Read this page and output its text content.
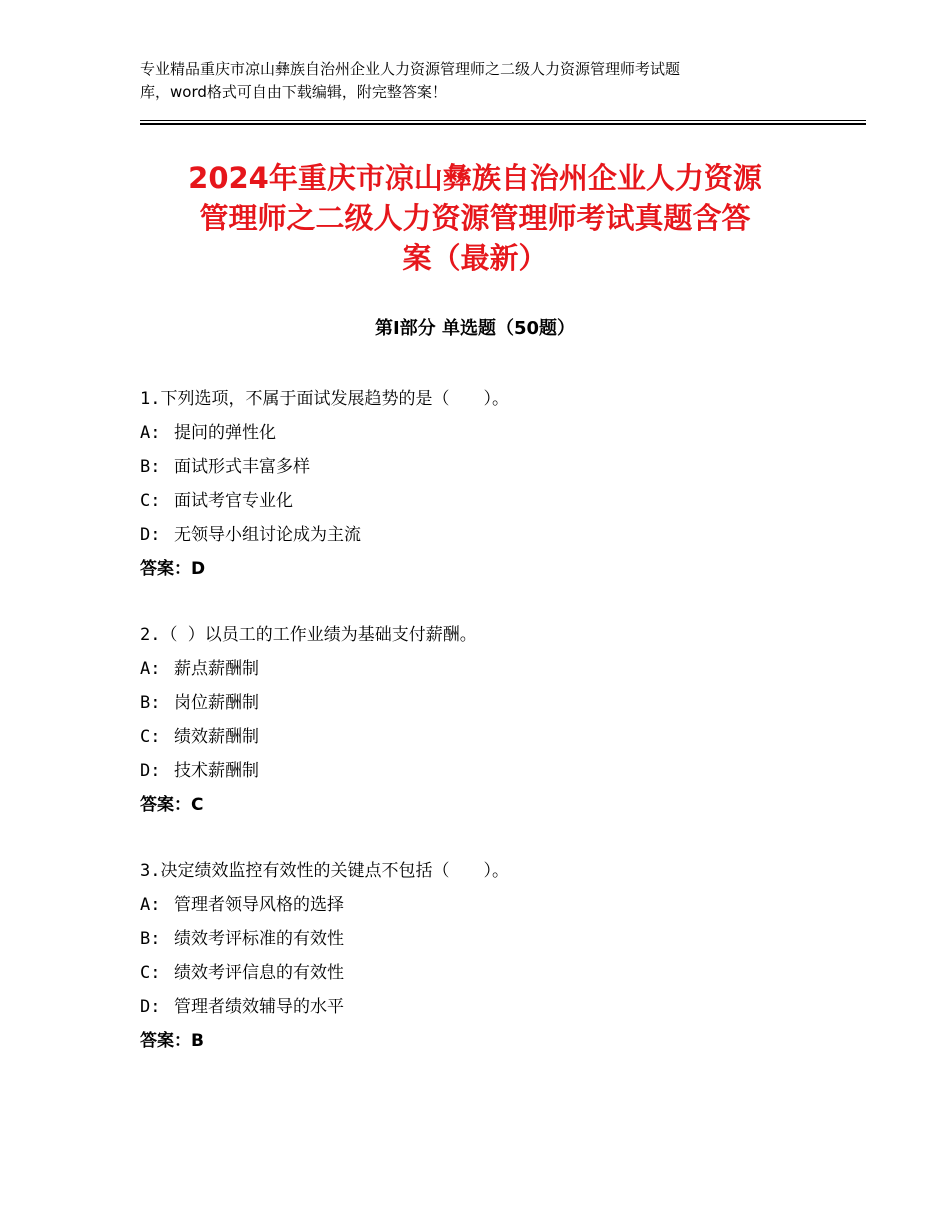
专业精品重庆市凉山彝族自治州企业人力资源管理师之二级人力资源管理师考试题
库，word格式可自由下载编辑，附完整答案！
2024年重庆市凉山彝族自治州企业人力资源
管理师之二级人力资源管理师考试真题含答
案（最新）
第Ⅰ部分 单选题（50题）
1.下列选项，不属于面试发展趋势的是（　　）。
A: 提问的弹性化
B: 面试形式丰富多样
C: 面试考官专业化
D: 无领导小组讨论成为主流
答案：D
2.（ ）以员工的工作业绩为基础支付薪酬。
A: 薪点薪酬制
B: 岗位薪酬制
C: 绩效薪酬制
D: 技术薪酬制
答案：C
3.决定绩效监控有效性的关键点不包括（　　）。
A: 管理者领导风格的选择
B: 绩效考评标准的有效性
C: 绩效考评信息的有效性
D: 管理者绩效辅导的水平
答案：B
